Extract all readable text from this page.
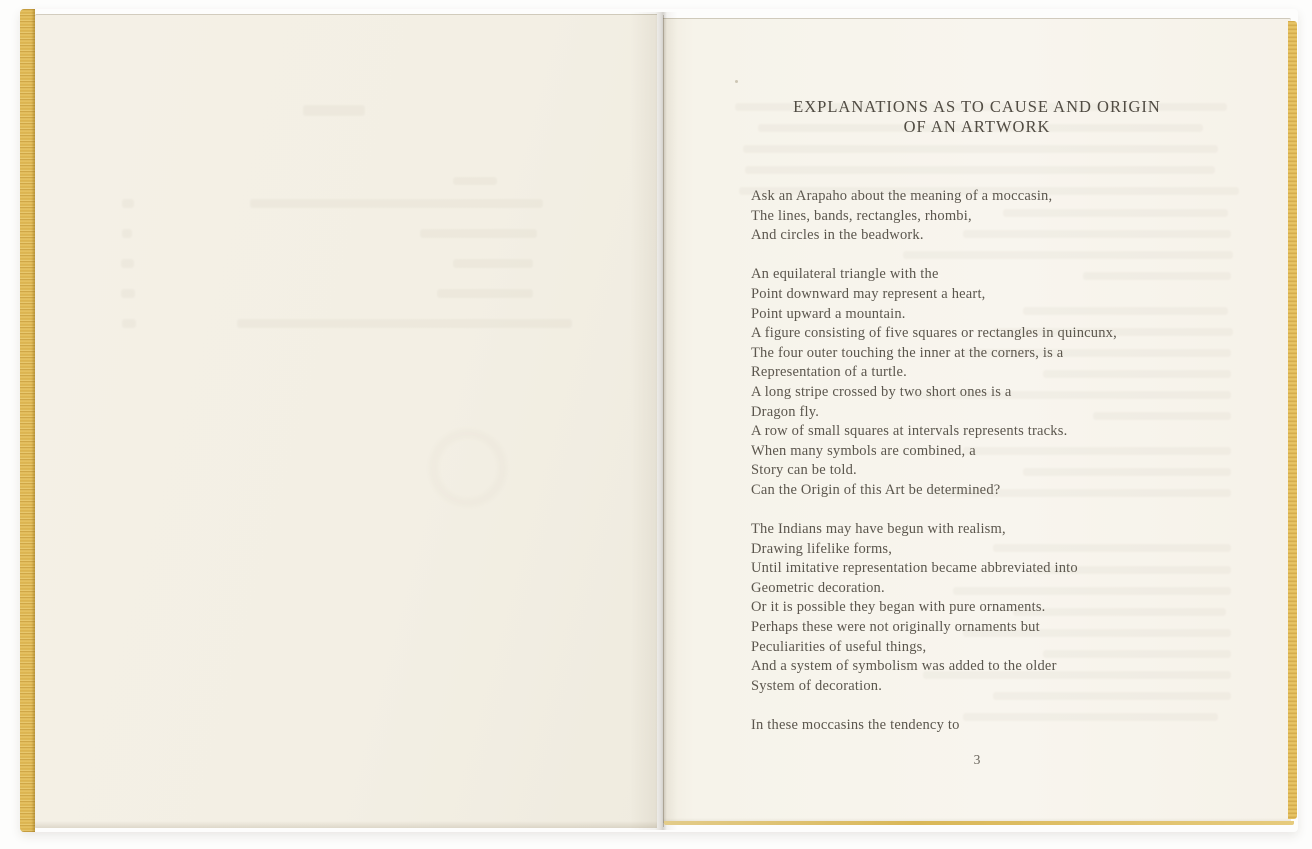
EXPLANATIONS AS TO CAUSE AND ORIGIN
OF AN ARTWORK
Ask an Arapaho about the meaning of a moccasin,
The lines, bands, rectangles, rhombi,
And circles in the beadwork.
An equilateral triangle with the
Point downward may represent a heart,
Point upward a mountain.
A figure consisting of five squares or rectangles in quincunx,
The four outer touching the inner at the corners, is a
Representation of a turtle.
A long stripe crossed by two short ones is a
Dragon fly.
A row of small squares at intervals represents tracks.
When many symbols are combined, a
Story can be told.
Can the Origin of this Art be determined?
The Indians may have begun with realism,
Drawing lifelike forms,
Until imitative representation became abbreviated into
Geometric decoration.
Or it is possible they began with pure ornaments.
Perhaps these were not originally ornaments but
Peculiarities of useful things,
And a system of symbolism was added to the older
System of decoration.
In these moccasins the tendency to
3
